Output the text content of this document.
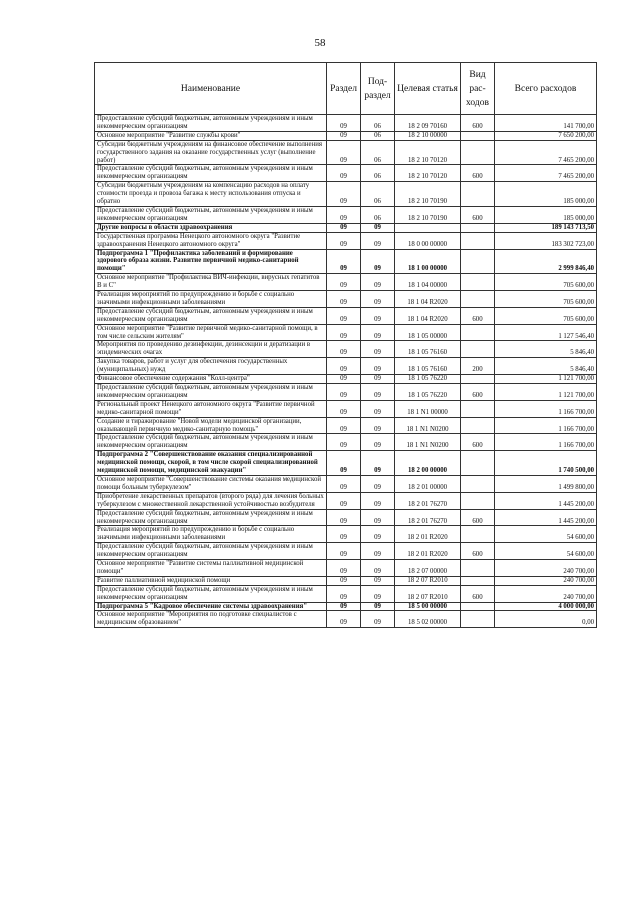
58
Наименование	Раздел	Под-раздел	Целевая статья	Вид рас-ходов	Всего расходов
Предоставление субсидий бюджетным, автономным учреждениям и иным некоммерческим организациям	09	06	18 2 09 70160	600	141 700,00
Основное мероприятие "Развитие службы крови"	09	06	18 2 10 00000		7 650 200,00
Субсидии бюджетным учреждениям на финансовое обеспечение выполнения государственного задания на оказание государственных услуг (выполнение работ)	09	06	18 2 10 70120		7 465 200,00
Предоставление субсидий бюджетным, автономным учреждениям и иным некоммерческим организациям	09	06	18 2 10 70120	600	7 465 200,00
Субсидии бюджетным учреждениям на компенсацию расходов на оплату стоимости проезда и провоза багажа к месту использования отпуска и обратно	09	06	18 2 10 70190		185 000,00
Предоставление субсидий бюджетным, автономным учреждениям и иным некоммерческим организациям	09	06	18 2 10 70190	600	185 000,00
Другие вопросы в области здравоохранения	09	09			189 143 713,50
Государственная программа Ненецкого автономного округа "Развитие здравоохранения Ненецкого автономного округа"	09	09	18 0 00 00000		183 302 723,00
Подпрограмма 1 "Профилактика заболеваний и формирование здорового образа жизни. Развитие первичной медико-санитарной помощи"	09	09	18 1 00 00000		2 999 846,40
Основное мероприятие "Профилактика ВИЧ-инфекции, вирусных гепатитов В и С"	09	09	18 1 04 00000		705 600,00
Реализация мероприятий по предупреждению и борьбе с социально значимыми инфекционными заболеваниями	09	09	18 1 04 R2020		705 600,00
Предоставление субсидий бюджетным, автономным учреждениям и иным некоммерческим организациям	09	09	18 1 04 R2020	600	705 600,00
Основное мероприятие "Развитие первичной медико-санитарной помощи, в том числе сельским жителям"	09	09	18 1 05 00000		1 127 546,40
Мероприятия по проведению дезинфекции, дезинсекции и дератизации в эпидемических очагах	09	09	18 1 05 76160		5 846,40
Закупка товаров, работ и услуг для обеспечения государственных (муниципальных) нужд	09	09	18 1 05 76160	200	5 846,40
Финансовое обеспечение содержания "Колл-центра"	09	09	18 1 05 76220		1 121 700,00
Предоставление субсидий бюджетным, автономным учреждениям и иным некоммерческим организациям	09	09	18 1 05 76220	600	1 121 700,00
Региональный проект Ненецкого автономного округа "Развитие первичной медико-санитарной помощи"	09	09	18 1 N1 00000		1 166 700,00
Создание и тиражирование "Новой модели медицинской организации, оказывающей первичную медико-санитарную помощь"	09	09	18 1 N1 N0200		1 166 700,00
Предоставление субсидий бюджетным, автономным учреждениям и иным некоммерческим организациям	09	09	18 1 N1 N0200	600	1 166 700,00
Подпрограмма 2 "Совершенствование оказания специализированной медицинской помощи, скорой, в том числе скорой специализированной медицинской помощи, медицинской эвакуации"	09	09	18 2 00 00000		1 740 500,00
Основное мероприятие "Совершенствование системы оказания медицинской помощи больным туберкулезом"	09	09	18 2 01 00000		1 499 800,00
Приобретение лекарственных препаратов (второго ряда) для лечения больных туберкулезом с множественной лекарственной устойчивостью возбудителя	09	09	18 2 01 76270		1 445 200,00
Предоставление субсидий бюджетным, автономным учреждениям и иным некоммерческим организациям	09	09	18 2 01 76270	600	1 445 200,00
Реализация мероприятий по предупреждению и борьбе с социально значимыми инфекционными заболеваниями	09	09	18 2 01 R2020		54 600,00
Предоставление субсидий бюджетным, автономным учреждениям и иным некоммерческим организациям	09	09	18 2 01 R2020	600	54 600,00
Основное мероприятие "Развитие системы паллиативной медицинской помощи"	09	09	18 2 07 00000		240 700,00
Развитие паллиативной медицинской помощи	09	09	18 2 07 R2010		240 700,00
Предоставление субсидий бюджетным, автономным учреждениям и иным некоммерческим организациям	09	09	18 2 07 R2010	600	240 700,00
Подпрограмма 5 "Кадровое обеспечение системы здравоохранения"	09	09	18 5 00 00000		4 000 000,00
Основное мероприятие "Мероприятия по подготовке специалистов с медицинским образованием"	09	09	18 5 02 00000		0,00
